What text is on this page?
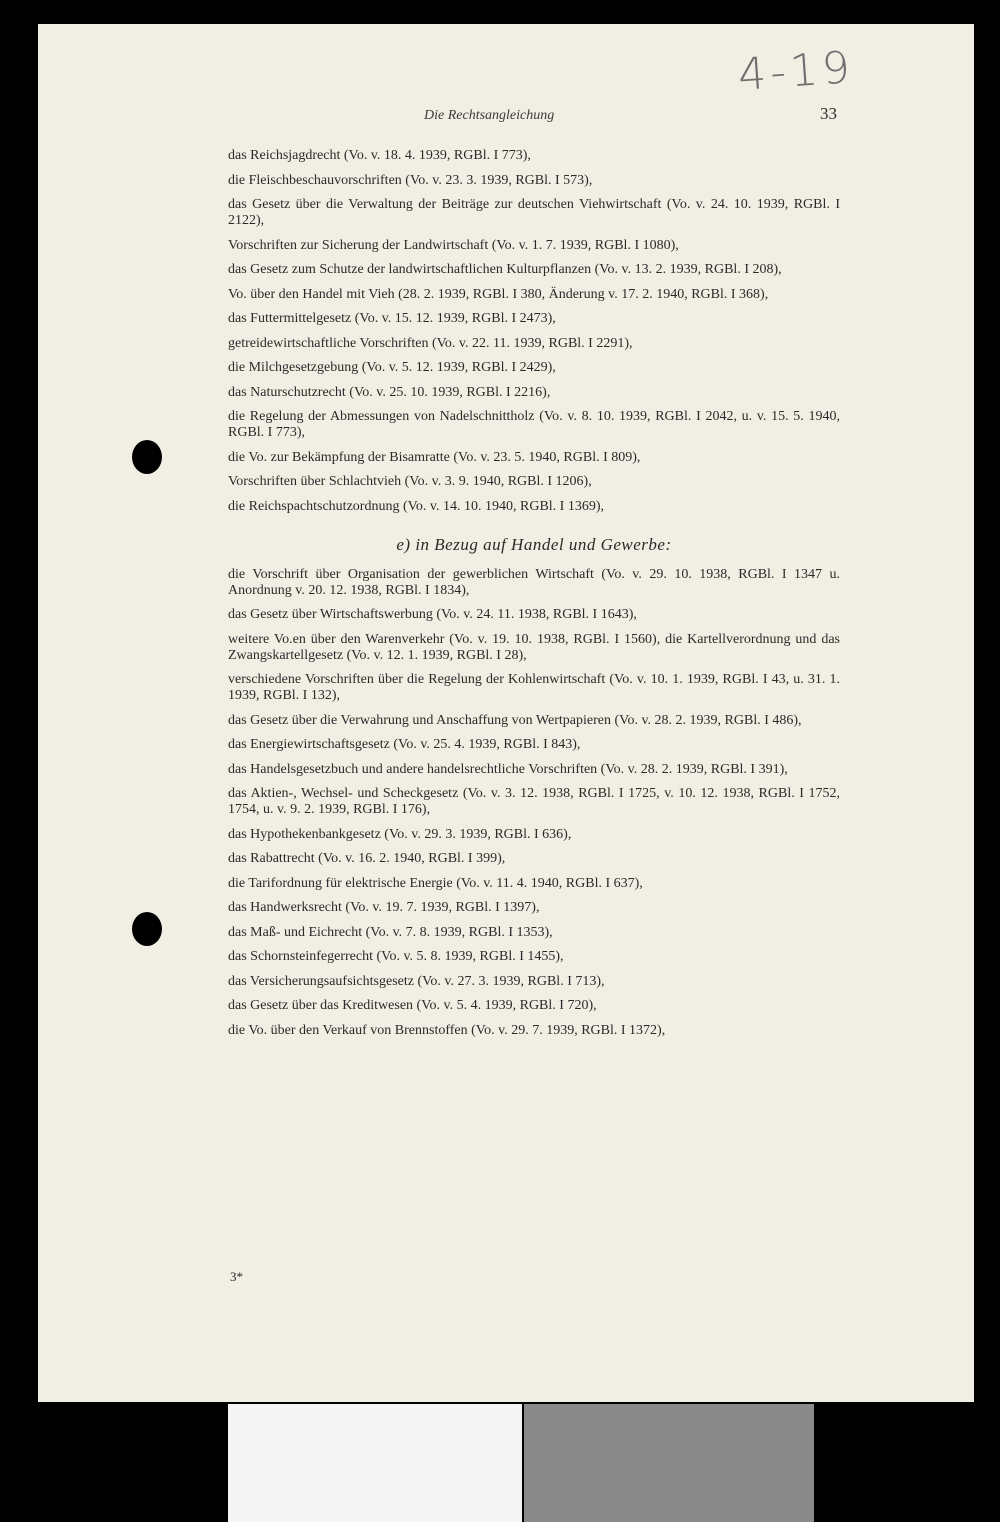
4-19
Die Rechtsangleichung	33

das Reichsjagdrecht (Vo. v. 18. 4. 1939, RGBl. I 773),

die Fleischbeschauvorschriften (Vo. v. 23. 3. 1939, RGBl. I 573),

das Gesetz über die Verwaltung der Beiträge zur deutschen Viehwirtschaft (Vo. v. 24. 10. 1939, RGBl. I 2122),

Vorschriften zur Sicherung der Landwirtschaft (Vo. v. 1. 7. 1939, RGBl. I 1080),

das Gesetz zum Schutze der landwirtschaftlichen Kulturpflanzen (Vo. v. 13. 2. 1939, RGBl. I 208),

Vo. über den Handel mit Vieh (28. 2. 1939, RGBl. I 380, Änderung v. 17. 2. 1940, RGBl. I 368),

das Futtermittelgesetz (Vo. v. 15. 12. 1939, RGBl. I 2473),

getreidewirtschaftliche Vorschriften (Vo. v. 22. 11. 1939, RGBl. I 2291),

die Milchgesetzgebung (Vo. v. 5. 12. 1939, RGBl. I 2429),

das Naturschutzrecht (Vo. v. 25. 10. 1939, RGBl. I 2216),

die Regelung der Abmessungen von Nadelschnittholz (Vo. v. 8. 10. 1939, RGBl. I 2042, u. v. 15. 5. 1940, RGBl. I 773),

die Vo. zur Bekämpfung der Bisamratte (Vo. v. 23. 5. 1940, RGBl. I 809),

Vorschriften über Schlachtvieh (Vo. v. 3. 9. 1940, RGBl. I 1206),

die Reichspachtschutzordnung (Vo. v. 14. 10. 1940, RGBl. I 1369),

e) in Bezug auf Handel und Gewerbe:

die Vorschrift über Organisation der gewerblichen Wirtschaft (Vo. v. 29. 10. 1938, RGBl. I 1347 u. Anordnung v. 20. 12. 1938, RGBl. I 1834),

das Gesetz über Wirtschaftswerbung (Vo. v. 24. 11. 1938, RGBl. I 1643),

weitere Vo.en über den Warenverkehr (Vo. v. 19. 10. 1938, RGBl. I 1560), die Kartellverordnung und das Zwangskartellgesetz (Vo. v. 12. 1. 1939, RGBl. I 28),

verschiedene Vorschriften über die Regelung der Kohlenwirtschaft (Vo. v. 10. 1. 1939, RGBl. I 43, u. 31. 1. 1939, RGBl. I 132),

das Gesetz über die Verwahrung und Anschaffung von Wertpapieren (Vo. v. 28. 2. 1939, RGBl. I 486),

das Energiewirtschaftsgesetz (Vo. v. 25. 4. 1939, RGBl. I 843),

das Handelsgesetzbuch und andere handelsrechtliche Vorschriften (Vo. v. 28. 2. 1939, RGBl. I 391),

das Aktien-, Wechsel- und Scheckgesetz (Vo. v. 3. 12. 1938, RGBl. I 1725, v. 10. 12. 1938, RGBl. I 1752, 1754, u. v. 9. 2. 1939, RGBl. I 176),

das Hypothekenbankgesetz (Vo. v. 29. 3. 1939, RGBl. I 636),

das Rabattrecht (Vo. v. 16. 2. 1940, RGBl. I 399),

die Tarifordnung für elektrische Energie (Vo. v. 11. 4. 1940, RGBl. I 637),

das Handwerksrecht (Vo. v. 19. 7. 1939, RGBl. I 1397),

das Maß- und Eichrecht (Vo. v. 7. 8. 1939, RGBl. I 1353),

das Schornsteinfegerrecht (Vo. v. 5. 8. 1939, RGBl. I 1455),

das Versicherungsaufsichtsgesetz (Vo. v. 27. 3. 1939, RGBl. I 713),

das Gesetz über das Kreditwesen (Vo. v. 5. 4. 1939, RGBl. I 720),

die Vo. über den Verkauf von Brennstoffen (Vo. v. 29. 7. 1939, RGBl. I 1372),

3*
